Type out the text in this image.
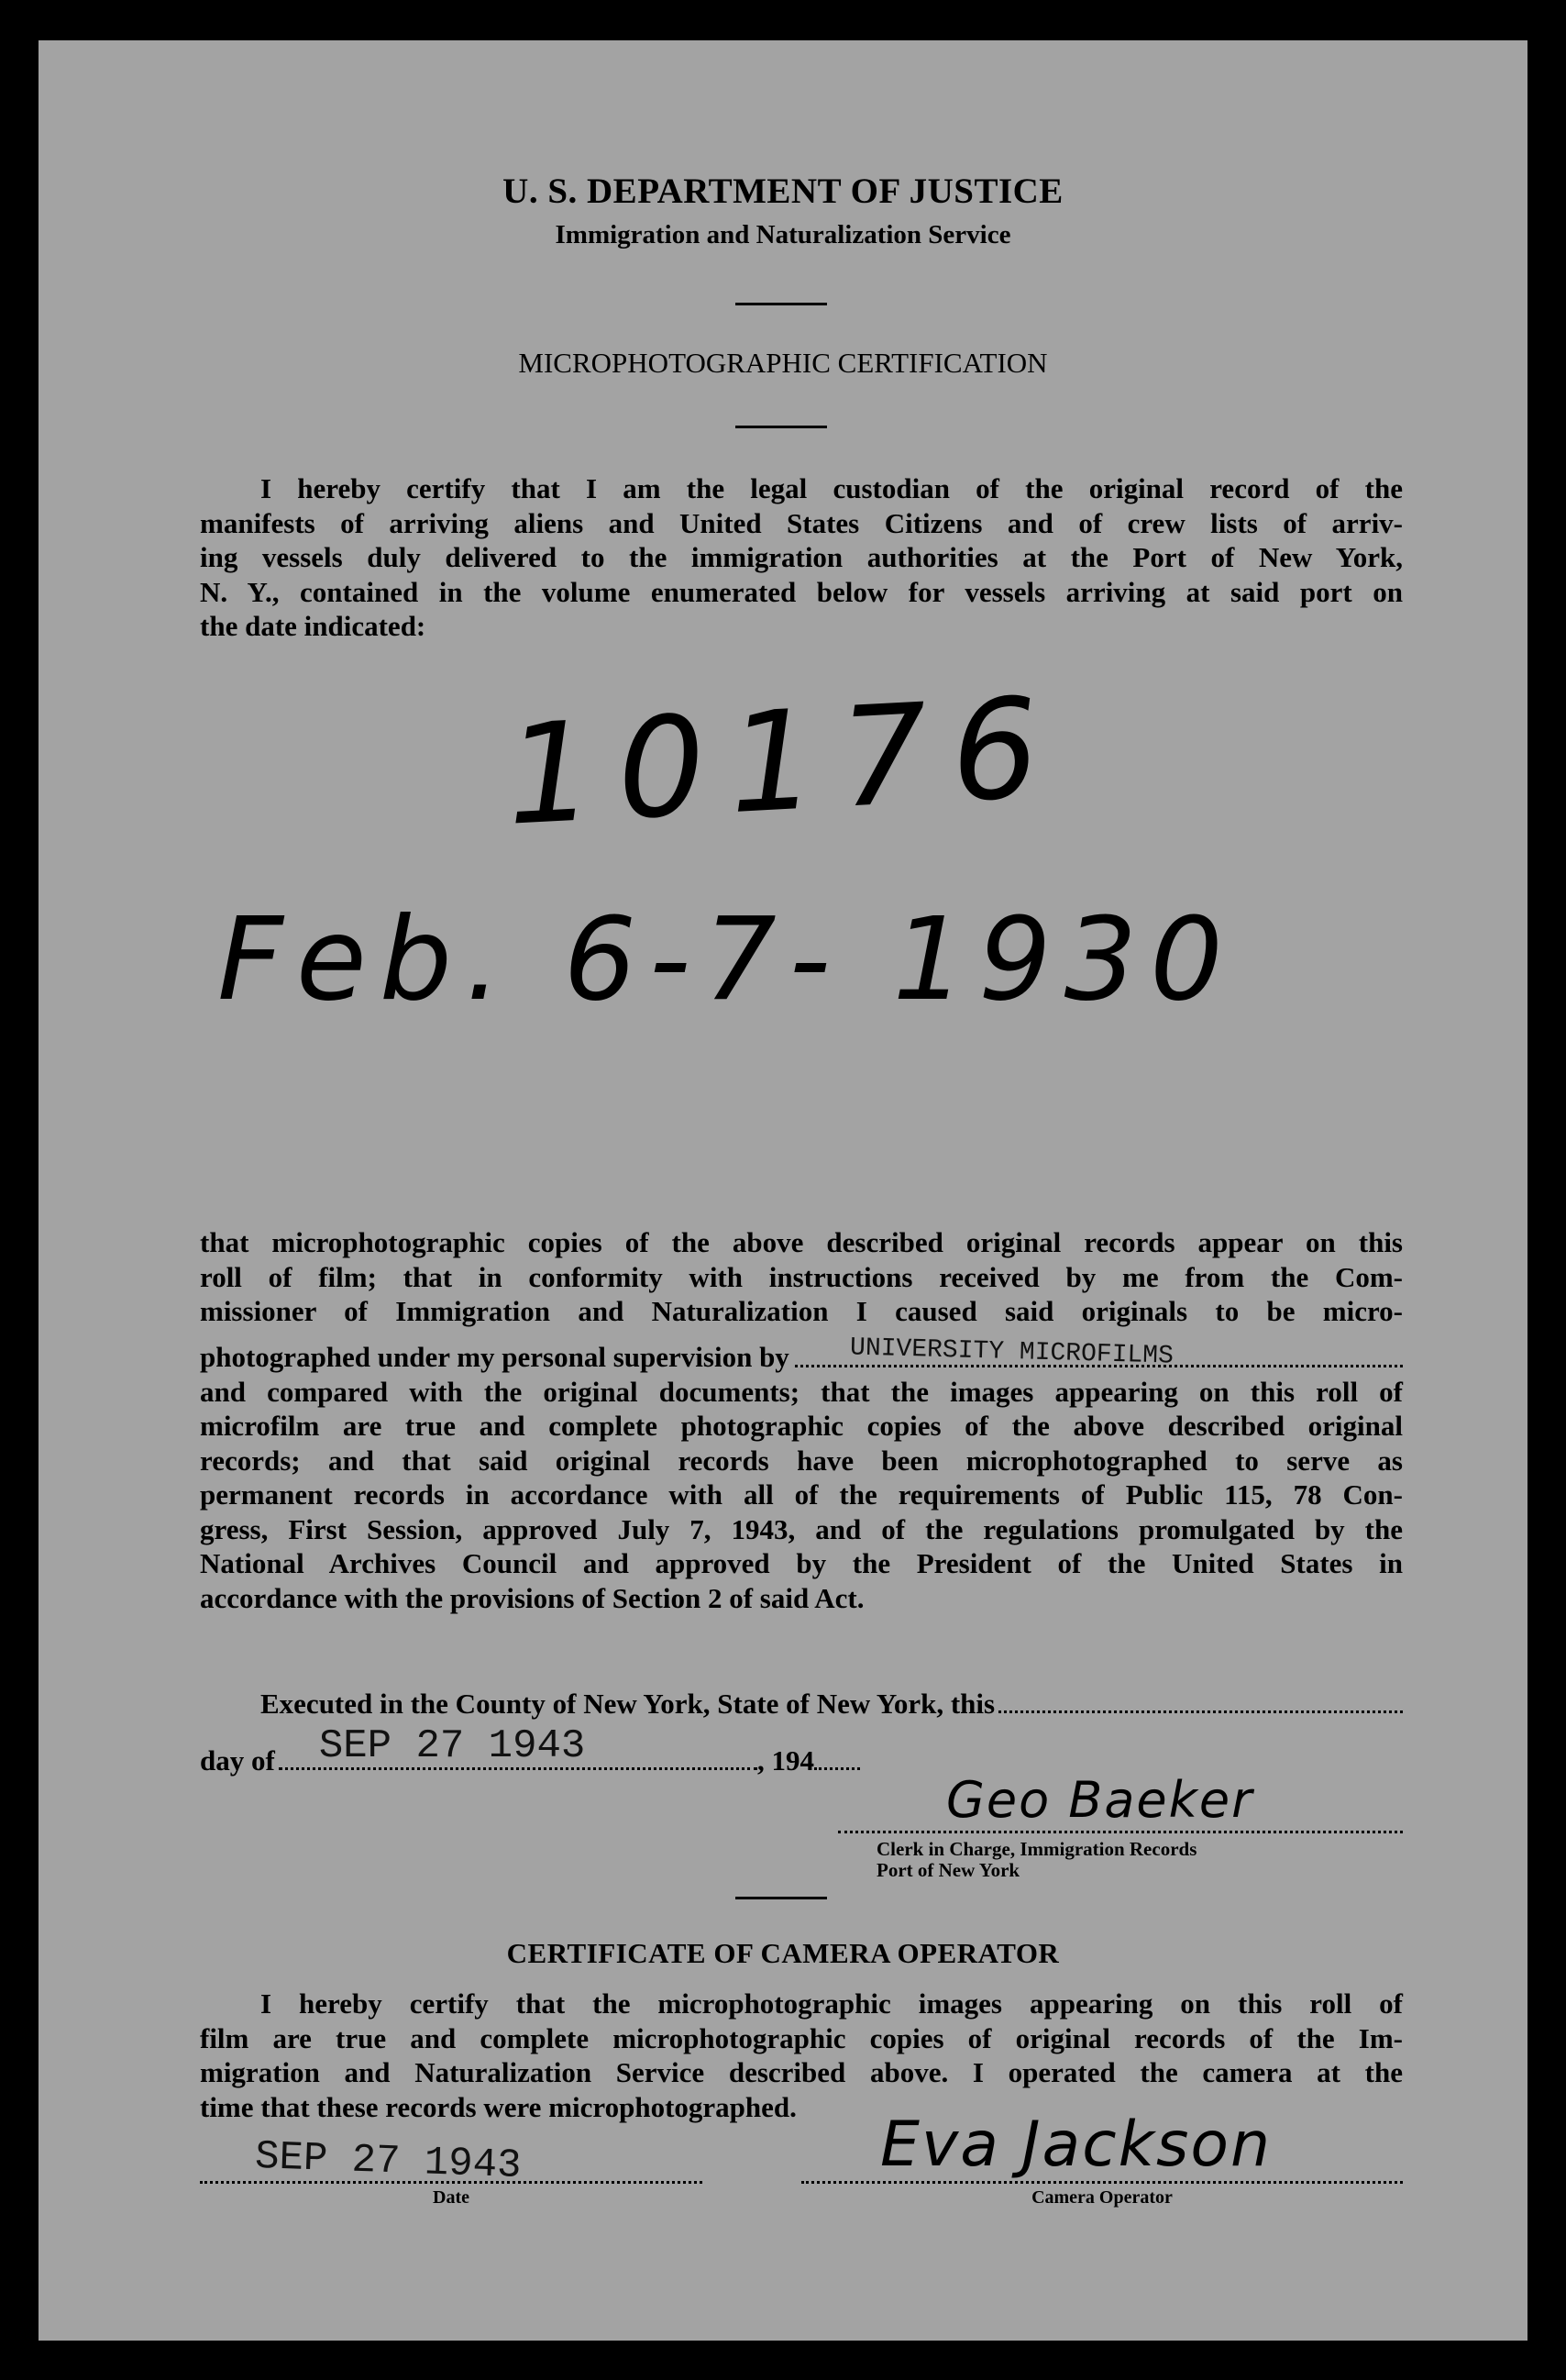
U. S. DEPARTMENT OF JUSTICE
Immigration and Naturalization Service
MICROPHOTOGRAPHIC CERTIFICATION
I hereby certify that I am the legal custodian of the original record of the
manifests of arriving aliens and United States Citizens and of crew lists of arriv-
ing vessels duly delivered to the immigration authorities at the Port of New York,
N. Y., contained in the volume enumerated below for vessels arriving at said port on
the date indicated:
10176
Feb. 6-7- 1930
that microphotographic copies of the above described original records appear on this
roll of film; that in conformity with instructions received by me from the Com-
missioner of Immigration and Naturalization I caused said originals to be micro-
photographed under my personal supervision by UNIVERSITY MICROFILMS
and compared with the original documents; that the images appearing on this roll of
microfilm are true and complete photographic copies of the above described original
records; and that said original records have been microphotographed to serve as
permanent records in accordance with all of the requirements of Public 115, 78 Con-
gress, First Session, approved July 7, 1943, and of the regulations promulgated by the
National Archives Council and approved by the President of the United States in
accordance with the provisions of Section 2 of said Act.
Executed in the County of New York, State of New York, this
day of SEP 27 1943	, 194
Geo Baeker
Clerk in Charge, Immigration Records
Port of New York
CERTIFICATE OF CAMERA OPERATOR
I hereby certify that the microphotographic images appearing on this roll of
film are true and complete microphotographic copies of original records of the Im-
migration and Naturalization Service described above. I operated the camera at the
time that these records were microphotographed.
SEP 27 1943
Date
Eva Jackson
Camera Operator
